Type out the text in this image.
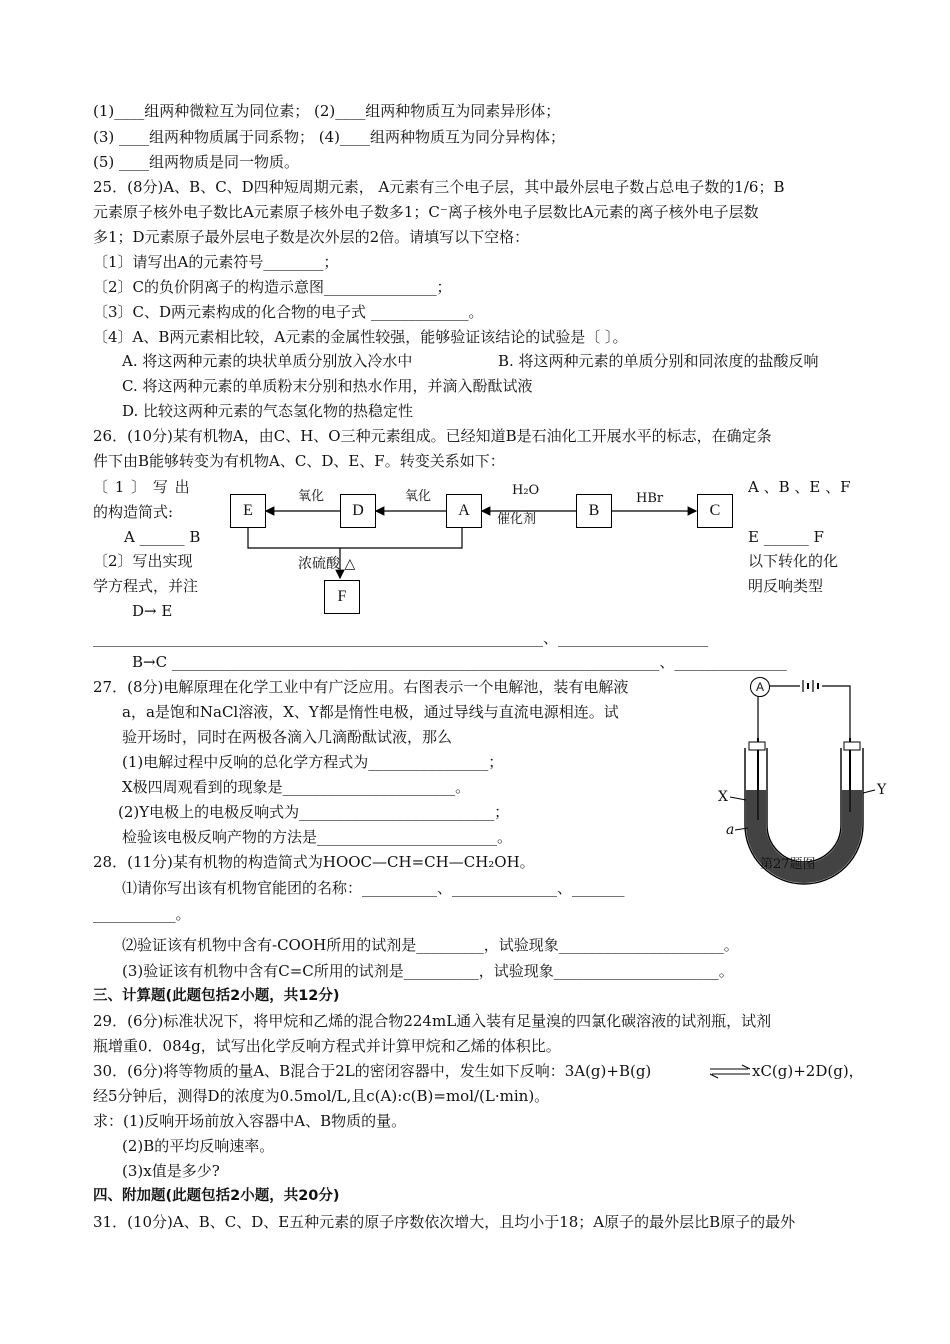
(1)____组两种微粒互为同位素； (2)____组两种物质互为同素异形体；
(3) ____组两种物质属于同系物； (4)____组两种物质互为同分异构体；
(5) ____组两物质是同一物质。
25．(8分)A、B、C、D四种短周期元素， A元素有三个电子层，其中最外层电子数占总电子数的1/6；B
元素原子核外电子数比A元素原子核外电子数多1；C⁻离子核外电子层数比A元素的离子核外电子层数
多1；D元素原子最外层电子数是次外层的2倍。请填写以下空格：
〔1〕请写出A的元素符号________；
〔2〕C的负价阴离子的构造示意图_______________；
〔3〕C、D两元素构成的化合物的电子式 _____________。
〔4〕A、B两元素相比较，A元素的金属性较强，能够验证该结论的试验是〔 〕。
A. 将这两种元素的块状单质分别放入冷水中	B. 将这两种元素的单质分别和同浓度的盐酸反响
C. 将这两种元素的单质粉末分别和热水作用，并滴入酚酞试液
D. 比较这两种元素的气态氢化物的热稳定性
26．(10分)某有机物A，由C、H、O三种元素组成。已经知道B是石油化工开展水平的标志，在确定条
件下由B能够转变为有机物A、C、D、E、F。转变关系如下：
〔 1 〕 写 出
的构造简式:
A ______ B
〔2〕写出实现
学方程式，并注
D→ E
A 、B 、E 、F
E ______ F
以下转化的化
明反响类型
E	D	A	B	C
F
氧化	氧化	H₂O
催化剂
HBr
浓硫酸 △
____________________________________________________________、____________________
B→C _________________________________________________________________、_______________
27．(8分)电解原理在化学工业中有广泛应用。右图表示一个电解池，装有电解液
a，a是饱和NaCl溶液，X、Y都是惰性电极，通过导线与直流电源相连。试
验开场时，同时在两极各滴入几滴酚酞试液，那么
(1)电解过程中反响的总化学方程式为________________；
X极四周观看到的现象是_______________________。
(2)Y电极上的电极反响式为__________________________；
检验该电极反响产物的方法是________________________。
A
X	Y
a
第27题图
28．(11分)某有机物的构造简式为HOOC—CH=CH—CH₂OH。
⑴请你写出该有机物官能团的名称：__________、______________、_______
___________。
⑵验证该有机物中含有-COOH所用的试剂是_________，试验现象______________________。
(3)验证该有机物中含有C=C所用的试剂是__________，试验现象______________________。
三、计算题(此题包括2小题，共12分)
29．(6分)标准状况下，将甲烷和乙烯的混合物224mL通入装有足量溴的四氯化碳溶液的试剂瓶，试剂
瓶增重0．084g，试写出化学反响方程式并计算甲烷和乙烯的体积比。
30．(6分)将等物质的量A、B混合于2L的密闭容器中，发生如下反响：3A(g)+B(g)	xC(g)+2D(g)，
经5分钟后，测得D的浓度为0.5mol/L,且c(A):c(B)=mol/(L·min)。
求：(1)反响开场前放入容器中A、B物质的量。
(2)B的平均反响速率。
(3)x值是多少?
四、附加题(此题包括2小题，共20分)
31．(10分)A、B、C、D、E五种元素的原子序数依次增大，且均小于18；A原子的最外层比B原子的最外
